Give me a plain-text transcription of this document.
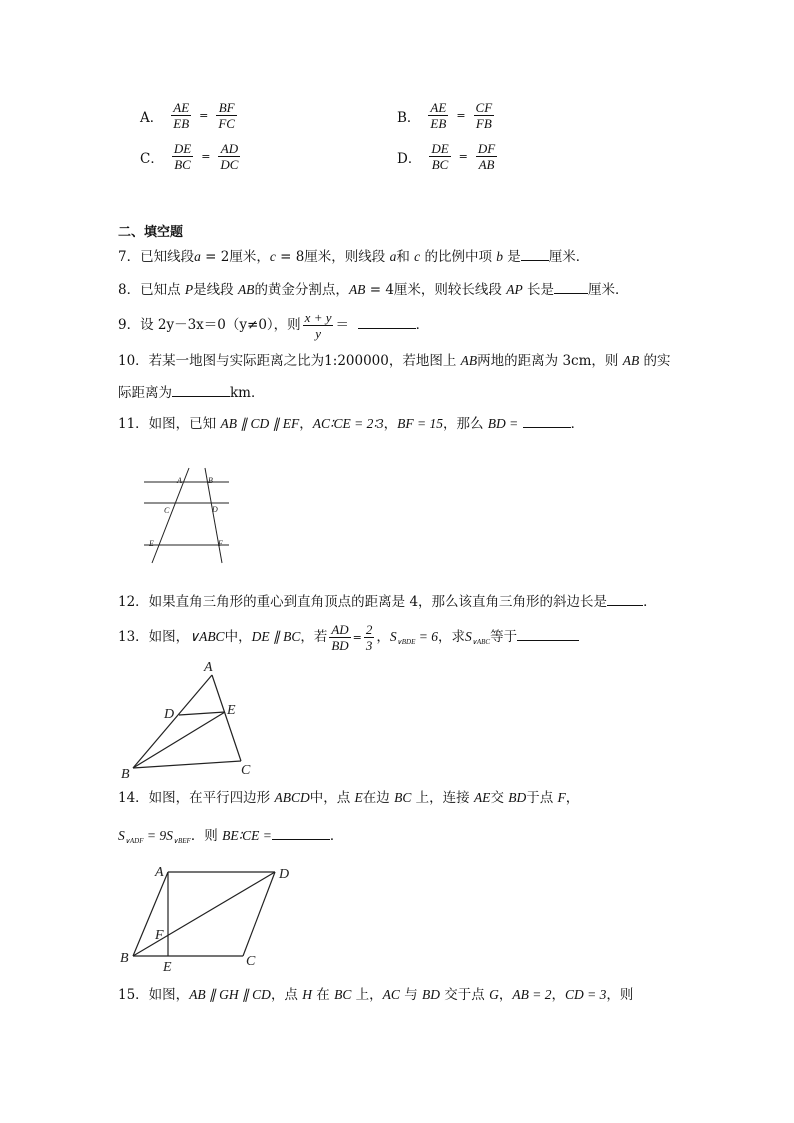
A． $\frac{AE}{EB} = \frac{BF}{FC}$	B． $\frac{AE}{EB} = \frac{CF}{FB}$
C． $\frac{DE}{BC} = \frac{AD}{DC}$	D． $\frac{DE}{BC} = \frac{DF}{AB}$
二、填空题
7．已知线段a = 2厘米，c = 8厘米，则线段 a和 c 的比例中项 b 是 厘米．
8．已知点 P是线段 AB的黄金分割点，AB = 4厘米，则较长线段 AP 长是	厘米．
9．设 2y－3x＝0（y≠0），则 $\frac{x + y}{y}$ ＝	．
10．若某一地图与实际距离之比为1:200000，若地图上 AB两地的距离为 3cm，则 AB 的实
际距离为	km．
11．如图，已知 AB ∥ CD ∥ EF，AC∶CE = 2∶3，BF = 15，那么 BD =	．
A	B
C	D
E	F
12．如果直角三角形的重心到直角顶点的距离是 4，那么该直角三角形的斜边长是	．
13．如图，∨ABC中，DE ∥ BC，若 $\frac{AD}{BD} = \frac{2}{3}$ ，$S_{\vee BDE} = 6$，求$S_{\vee ABC}$等于
A
D	E
B	C
14．如图，在平行四边形 ABCD中，点 E在边 BC 上，连接 AE交 BD于点 F，
$S_{\vee ADF} = 9S_{\vee BEF}$．则 BE∶CE =	．
A	D
F
B
E	C
15．如图，AB ∥ GH ∥ CD，点 H 在 BC 上，AC 与 BD 交于点 G，AB = 2，CD = 3，则
